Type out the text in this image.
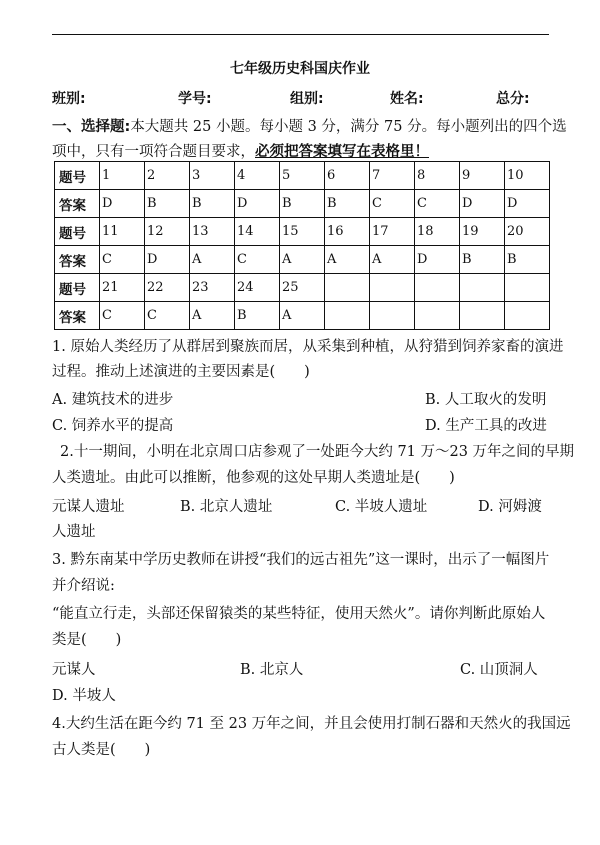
七年级历史科国庆作业
班别:	学号:	组别:	姓名:	总分:
一、选择题:本大题共 25 小题。每小题 3 分，满分 75 分。每小题列出的四个选
项中，只有一项符合题目要求，必须把答案填写在表格里！
题号	1	2	3	4	5	6	7	8	9	10
答案	D	B	B	D	B	B	C	C	D	D
题号	11	12	13	14	15	16	17	18	19	20
答案	C	D	A	C	A	A	A	D	B	B
题号	21	22	23	24	25					
答案	C	C	A	B	A					
1. 原始人类经历了从群居到聚族而居，从采集到种植，从狩猎到饲养家畜的演进
过程。推动上述演进的主要因素是(　　)
A. 建筑技术的进步	B. 人工取火的发明
C. 饲养水平的提高	D. 生产工具的改进
2.十一期间，小明在北京周口店参观了一处距今大约 71 万～23 万年之间的早期
人类遗址。由此可以推断，他参观的这处早期人类遗址是(　　)
元谋人遗址	B. 北京人遗址	C. 半坡人遗址	D. 河姆渡
人遗址
3. 黔东南某中学历史教师在讲授“我们的远古祖先”这一课时，出示了一幅图片
并介绍说:
“能直立行走，头部还保留猿类的某些特征，使用天然火”。请你判断此原始人
类是(　　)
元谋人	B. 北京人	C. 山顶洞人
D. 半坡人
4.大约生活在距今约 71 至 23 万年之间，并且会使用打制石器和天然火的我国远
古人类是(　　)
